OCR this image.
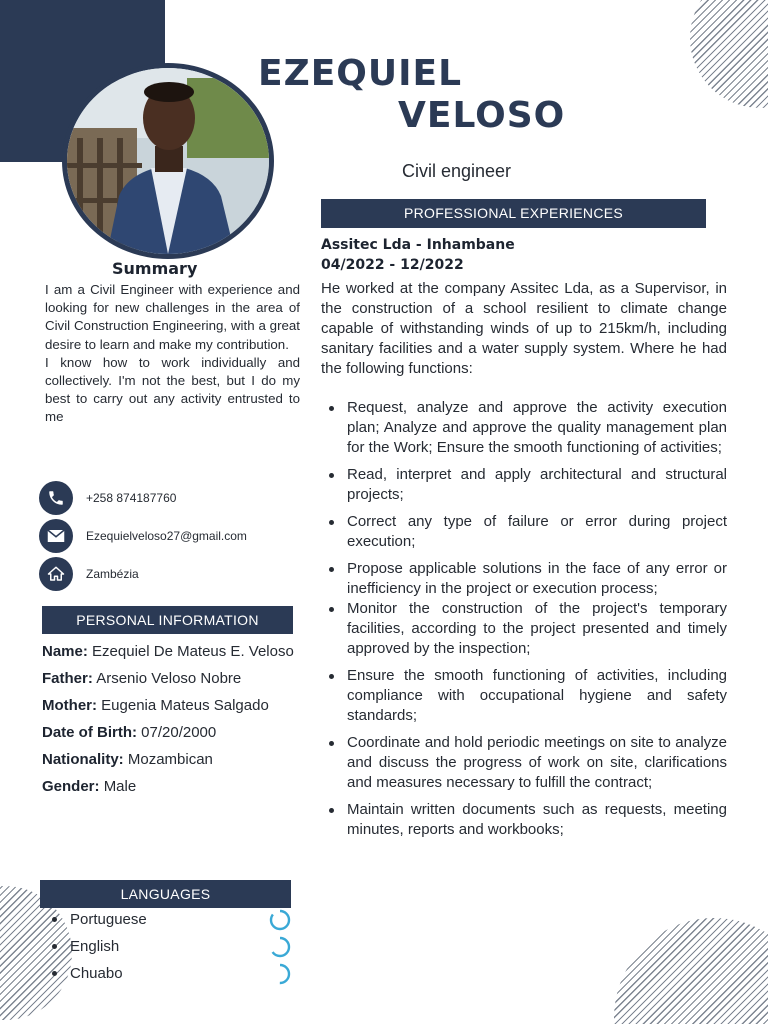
EZEQUIEL
VELOSO
Civil engineer
Summary

I am a Civil Engineer with experience and looking for new challenges in the area of Civil Construction Engineering, with a great desire to learn and make my contribution.

I know how to work individually and collectively. I'm not the best, but I do my best to carry out any activity entrusted to me

+258 874187760
Ezequielveloso27@gmail.com
Zambézia
PERSONAL INFORMATION
Name: Ezequiel De Mateus E. Veloso
Father: Arsenio Veloso Nobre
Mother: Eugenia Mateus Salgado
Date of Birth: 07/20/2000
Nationality: Mozambican
Gender: Male
LANGUAGES
Portuguese
English
Chuabo
PROFESSIONAL EXPERIENCES
Assitec Lda - Inhambane
04/2022 - 12/2022
He worked at the company Assitec Lda, as a Supervisor, in the construction of a school resilient to climate change capable of withstanding winds of up to 215km/h, including sanitary facilities and a water supply system. Where he had the following functions:
Request, analyze and approve the activity execution plan; Analyze and approve the quality management plan for the Work; Ensure the smooth functioning of activities;
Read, interpret and apply architectural and structural projects;
Correct any type of failure or error during project execution;
Propose applicable solutions in the face of any error or inefficiency in the project or execution process;
Monitor the construction of the project's temporary facilities, according to the project presented and timely approved by the inspection;
Ensure the smooth functioning of activities, including compliance with occupational hygiene and safety standards;
Coordinate and hold periodic meetings on site to analyze and discuss the progress of work on site, clarifications and measures necessary to fulfill the contract;
Maintain written documents such as requests, meeting minutes, reports and workbooks;
